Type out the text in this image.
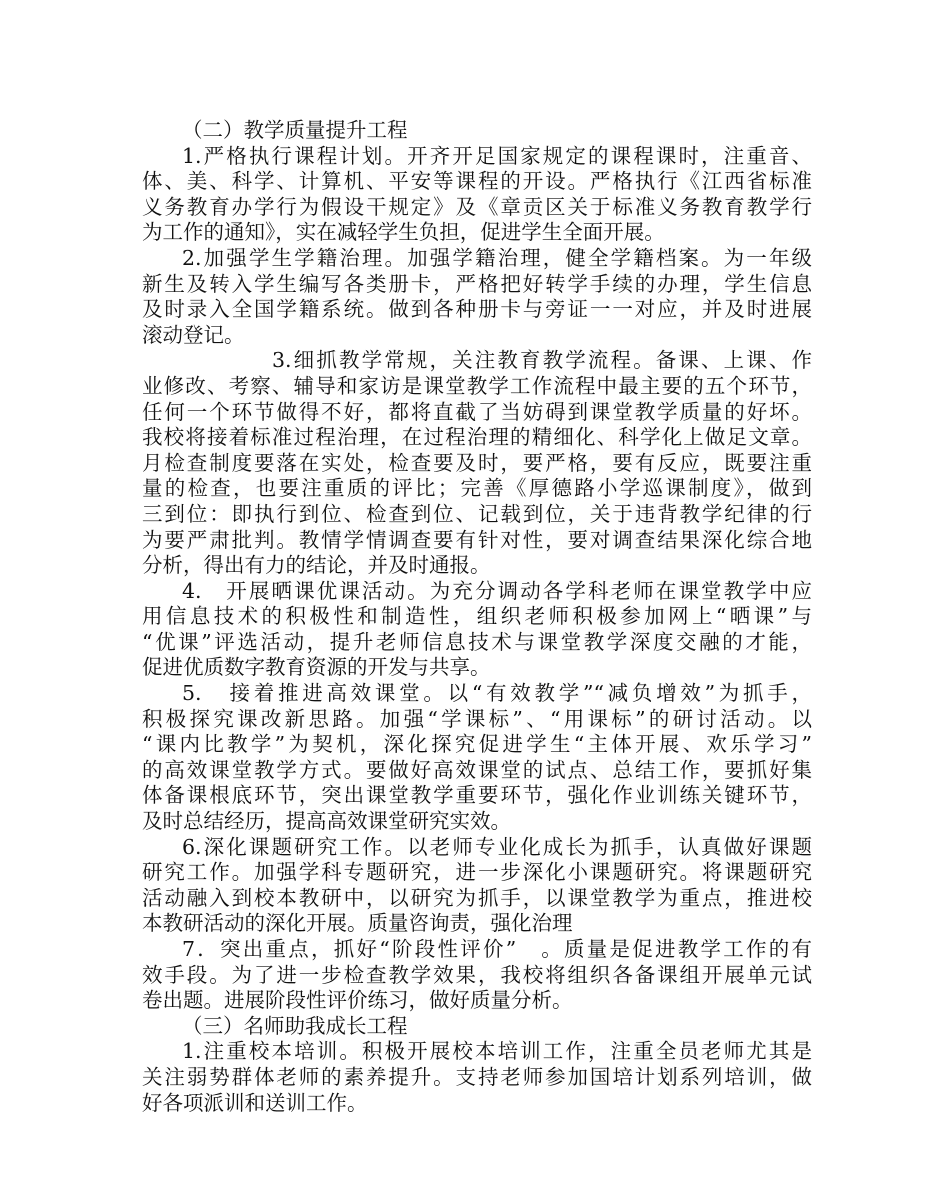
（二）教学质量提升工程
1.严格执行课程计划。开齐开足国家规定的课程课时，注重音、
体、美、科学、计算机、平安等课程的开设。严格执行《江西省标准
义务教育办学行为假设干规定》及《章贡区关于标准义务教育教学行
为工作的通知》，实在减轻学生负担，促进学生全面开展。
2.加强学生学籍治理。加强学籍治理，健全学籍档案。为一年级
新生及转入学生编写各类册卡，严格把好转学手续的办理，学生信息
及时录入全国学籍系统。做到各种册卡与旁证一一对应，并及时进展
滚动登记。
3.细抓教学常规，关注教育教学流程。备课、上课、作
业修改、考察、辅导和家访是课堂教学工作流程中最主要的五个环节，
任何一个环节做得不好，都将直截了当妨碍到课堂教学质量的好坏。
我校将接着标准过程治理，在过程治理的精细化、科学化上做足文章。
月检查制度要落在实处，检查要及时，要严格，要有反应，既要注重
量的检查，也要注重质的评比；完善《厚德路小学巡课制度》，做到
三到位：即执行到位、检查到位、记载到位，关于违背教学纪律的行
为要严肃批判。教情学情调查要有针对性，要对调查结果深化综合地
分析，得出有力的结论，并及时通报。
4.　开展晒课优课活动。为充分调动各学科老师在课堂教学中应
用信息技术的积极性和制造性，组织老师积极参加网上“晒课”与
“优课”评选活动，提升老师信息技术与课堂教学深度交融的才能，
促进优质数字教育资源的开发与共享。
5.　接着推进高效课堂。以“有效教学”“减负增效”为抓手，
积极探究课改新思路。加强“学课标”、“用课标”的研讨活动。以
“课内比教学”为契机，深化探究促进学生“主体开展、欢乐学习”
的高效课堂教学方式。要做好高效课堂的试点、总结工作，要抓好集
体备课根底环节，突出课堂教学重要环节，强化作业训练关键环节，
及时总结经历，提高高效课堂研究实效。
6.深化课题研究工作。以老师专业化成长为抓手，认真做好课题
研究工作。加强学科专题研究，进一步深化小课题研究。将课题研究
活动融入到校本教研中，以研究为抓手，以课堂教学为重点，推进校
本教研活动的深化开展。质量咨询责，强化治理
7．突出重点，抓好“阶段性评价”　。质量是促进教学工作的有
效手段。为了进一步检查教学效果，我校将组织各备课组开展单元试
卷出题。进展阶段性评价练习，做好质量分析。
（三）名师助我成长工程
1.注重校本培训。积极开展校本培训工作，注重全员老师尤其是
关注弱势群体老师的素养提升。支持老师参加国培计划系列培训，做
好各项派训和送训工作。
